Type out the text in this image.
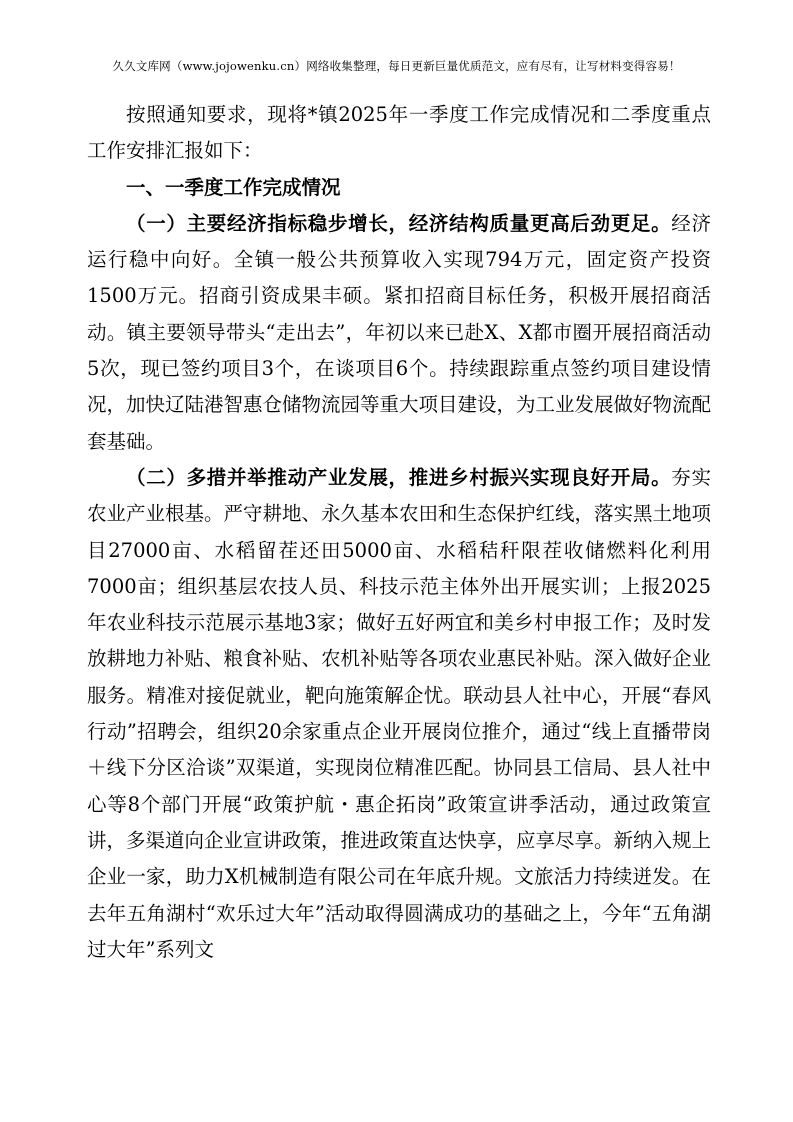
久久文库网（www.jojowenku.cn）网络收集整理，每日更新巨量优质范文，应有尽有，让写材料变得容易！

按照通知要求，现将*镇2025年一季度工作完成情况和二季度重点工作安排汇报如下：

一、一季度工作完成情况

（一）主要经济指标稳步增长，经济结构质量更高后劲更足。经济运行稳中向好。全镇一般公共预算收入实现794万元，固定资产投资1500万元。招商引资成果丰硕。紧扣招商目标任务，积极开展招商活动。镇主要领导带头“走出去”，年初以来已赴X、X都市圈开展招商活动5次，现已签约项目3个，在谈项目6个。持续跟踪重点签约项目建设情况，加快辽陆港智惠仓储物流园等重大项目建设，为工业发展做好物流配套基础。

（二）多措并举推动产业发展，推进乡村振兴实现良好开局。夯实农业产业根基。严守耕地、永久基本农田和生态保护红线，落实黑土地项目27000亩、水稻留茬还田5000亩、水稻秸秆限茬收储燃料化利用7000亩；组织基层农技人员、科技示范主体外出开展实训；上报2025年农业科技示范展示基地3家；做好五好两宜和美乡村申报工作；及时发放耕地力补贴、粮食补贴、农机补贴等各项农业惠民补贴。深入做好企业服务。精准对接促就业，靶向施策解企忧。联动县人社中心，开展“春风行动”招聘会，组织20余家重点企业开展岗位推介，通过“线上直播带岗＋线下分区洽谈”双渠道，实现岗位精准匹配。协同县工信局、县人社中心等8个部门开展“政策护航・惠企拓岗”政策宣讲季活动，通过政策宣讲，多渠道向企业宣讲政策，推进政策直达快享，应享尽享。新纳入规上企业一家，助力X机械制造有限公司在年底升规。文旅活力持续迸发。在去年五角湖村“欢乐过大年”活动取得圆满成功的基础之上，今年“五角湖过大年”系列文
